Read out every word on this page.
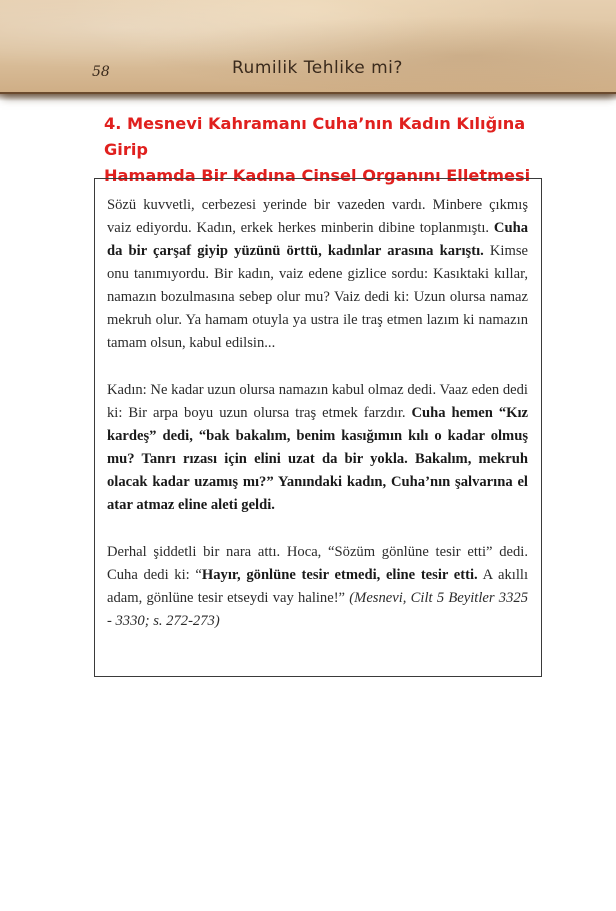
58	Rumilik Tehlike mi?
4. Mesnevi Kahramanı Cuha’nın Kadın Kılığına Girip
Hamamda Bir Kadına Cinsel Organını Elletmesi

Sözü kuvvetli, cerbezesi yerinde bir vazeden vardı. Minbere çıkmış vaiz ediyordu. Kadın, erkek herkes minberin dibine toplanmıştı. Cuha da bir çarşaf giyip yüzünü örttü, kadınlar arasına karıştı. Kimse onu tanımıyordu. Bir kadın, vaiz edene gizlice sordu: Kasıktaki kıllar, namazın bozulmasına sebep olur mu? Vaiz dedi ki: Uzun olursa namaz mekruh olur. Ya hamam otuyla ya ustra ile traş etmen lazım ki namazın tamam olsun, kabul edilsin...

Kadın: Ne kadar uzun olursa namazın kabul olmaz dedi. Vaaz eden dedi ki: Bir arpa boyu uzun olursa traş etmek farzdır. Cuha hemen “Kız kardeş” dedi, “bak bakalım, benim kasığımın kılı o kadar olmuş mu? Tanrı rızası için elini uzat da bir yokla. Bakalım, mekruh olacak kadar uzamış mı?” Yanındaki kadın, Cuha’nın şalvarına el atar atmaz eline aleti geldi.

Derhal şiddetli bir nara attı. Hoca, “Sözüm gönlüne tesir etti” dedi. Cuha dedi ki: “Hayır, gönlüne tesir etmedi, eline tesir etti. A akıllı adam, gönlüne tesir etseydi vay haline!” (Mesnevi, Cilt 5 Beyitler 3325 - 3330; s. 272-273)
